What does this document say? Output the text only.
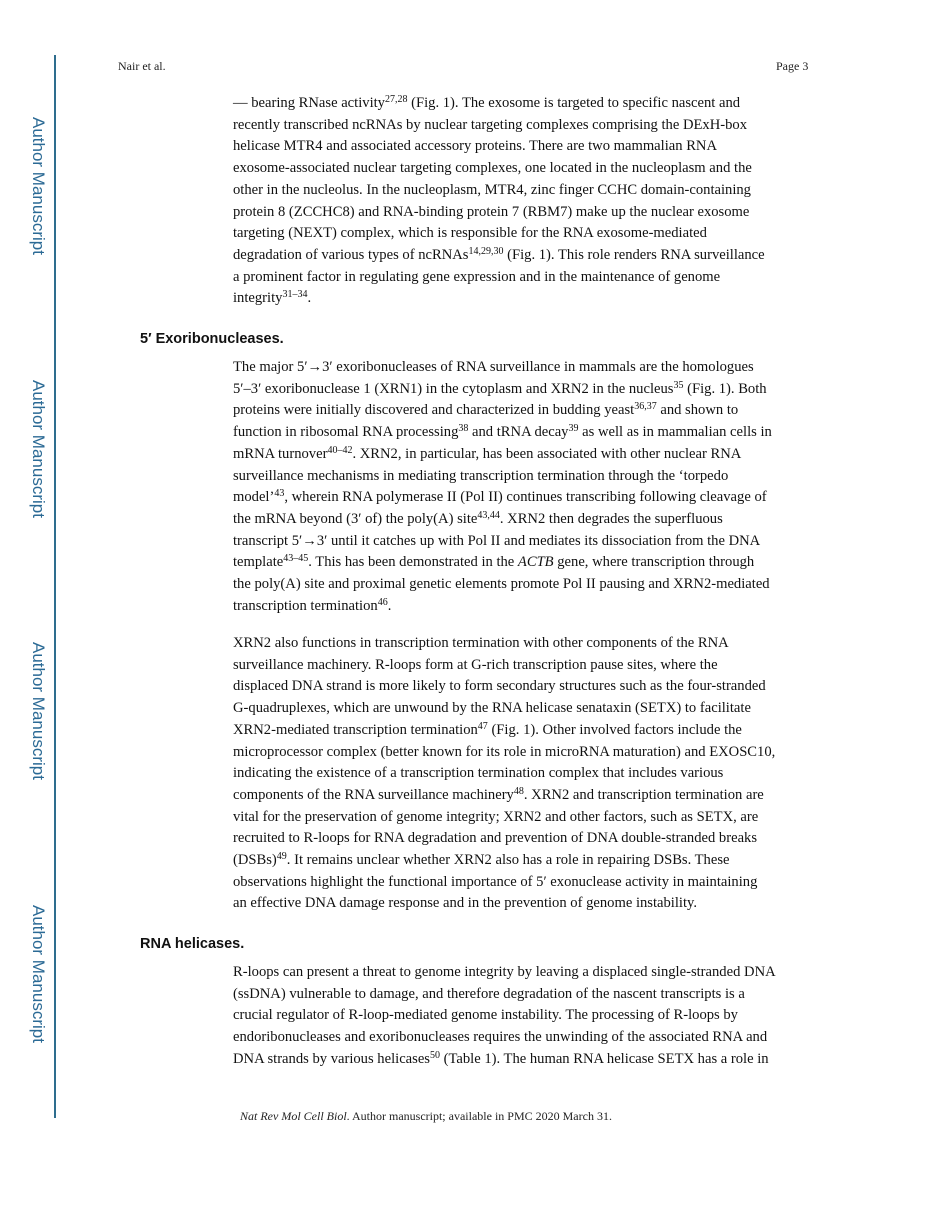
Author Manuscript
Author Manuscript
Author Manuscript
Author Manuscript
Nair et al.	Page 3
— bearing RNase activity$^{27,28}$ (Fig. 1). The exosome is targeted to specific nascent and
recently transcribed ncRNAs by nuclear targeting complexes comprising the DExH-box
helicase MTR4 and associated accessory proteins. There are two mammalian RNA
exosome-associated nuclear targeting complexes, one located in the nucleoplasm and the
other in the nucleolus. In the nucleoplasm, MTR4, zinc finger CCHC domain-containing
protein 8 (ZCCHC8) and RNA-binding protein 7 (RBM7) make up the nuclear exosome
targeting (NEXT) complex, which is responsible for the RNA exosome-mediated
degradation of various types of ncRNAs$^{14,29,30}$ (Fig. 1). This role renders RNA surveillance
a prominent factor in regulating gene expression and in the maintenance of genome
integrity$^{31-34}$.
5′ Exoribonucleases.
The major 5′→3′ exoribonucleases of RNA surveillance in mammals are the homologues
5′–3′ exoribonuclease 1 (XRN1) in the cytoplasm and XRN2 in the nucleus$^{35}$ (Fig. 1). Both
proteins were initially discovered and characterized in budding yeast$^{36,37}$ and shown to
function in ribosomal RNA processing$^{38}$ and tRNA decay$^{39}$ as well as in mammalian cells in
mRNA turnover$^{40-42}$. XRN2, in particular, has been associated with other nuclear RNA
surveillance mechanisms in mediating transcription termination through the ‘torpedo
model’$^{43}$, wherein RNA polymerase II (Pol II) continues transcribing following cleavage of
the mRNA beyond (3′ of) the poly(A) site$^{43,44}$. XRN2 then degrades the superfluous
transcript 5′→3′ until it catches up with Pol II and mediates its dissociation from the DNA
template$^{43-45}$. This has been demonstrated in the ACTB gene, where transcription through
the poly(A) site and proximal genetic elements promote Pol II pausing and XRN2-mediated
transcription termination$^{46}$.
XRN2 also functions in transcription termination with other components of the RNA
surveillance machinery. R-loops form at G-rich transcription pause sites, where the
displaced DNA strand is more likely to form secondary structures such as the four-stranded
G-quadruplexes, which are unwound by the RNA helicase senataxin (SETX) to facilitate
XRN2-mediated transcription termination$^{47}$ (Fig. 1). Other involved factors include the
microprocessor complex (better known for its role in microRNA maturation) and EXOSC10,
indicating the existence of a transcription termination complex that includes various
components of the RNA surveillance machinery$^{48}$. XRN2 and transcription termination are
vital for the preservation of genome integrity; XRN2 and other factors, such as SETX, are
recruited to R-loops for RNA degradation and prevention of DNA double-stranded breaks
(DSBs)$^{49}$. It remains unclear whether XRN2 also has a role in repairing DSBs. These
observations highlight the functional importance of 5′ exonuclease activity in maintaining
an effective DNA damage response and in the prevention of genome instability.
RNA helicases.
R-loops can present a threat to genome integrity by leaving a displaced single-stranded DNA
(ssDNA) vulnerable to damage, and therefore degradation of the nascent transcripts is a
crucial regulator of R-loop-mediated genome instability. The processing of R-loops by
endoribonucleases and exoribonucleases requires the unwinding of the associated RNA and
DNA strands by various helicases$^{50}$ (Table 1). The human RNA helicase SETX has a role in
Nat Rev Mol Cell Biol. Author manuscript; available in PMC 2020 March 31.
